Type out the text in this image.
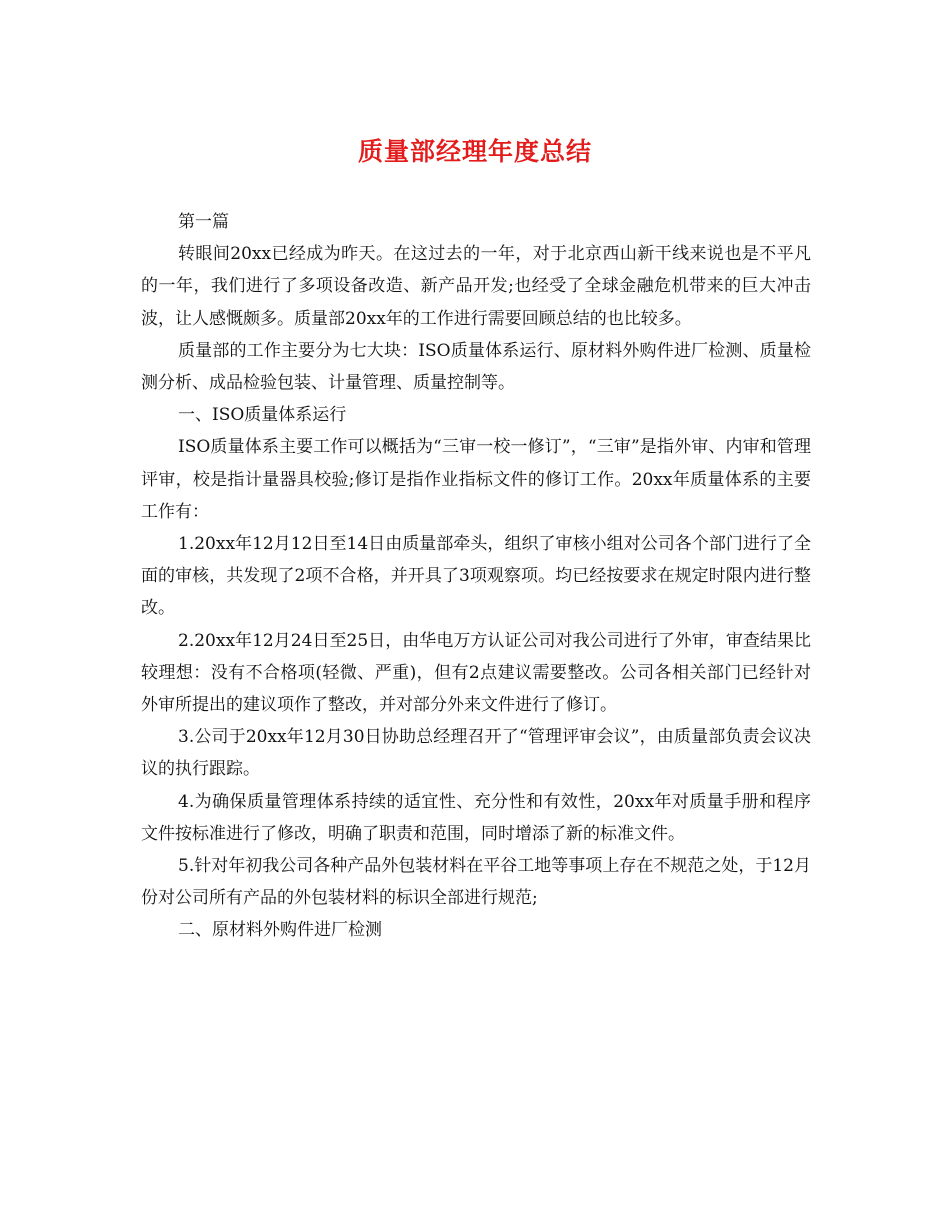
质量部经理年度总结

第一篇

转眼间20xx已经成为昨天。在这过去的一年，对于北京西山新干线来说也是不平凡的一年，我们进行了多项设备改造、新产品开发;也经受了全球金融危机带来的巨大冲击波，让人感慨颇多。质量部20xx年的工作进行需要回顾总结的也比较多。

质量部的工作主要分为七大块：ISO质量体系运行、原材料外购件进厂检测、质量检测分析、成品检验包装、计量管理、质量控制等。

一、ISO质量体系运行

ISO质量体系主要工作可以概括为“三审一校一修订”，“三审”是指外审、内审和管理评审，校是指计量器具校验;修订是指作业指标文件的修订工作。20xx年质量体系的主要工作有：

1.20xx年12月12日至14日由质量部牵头，组织了审核小组对公司各个部门进行了全面的审核，共发现了2项不合格，并开具了3项观察项。均已经按要求在规定时限内进行整改。

2.20xx年12月24日至25日，由华电万方认证公司对我公司进行了外审，审查结果比较理想：没有不合格项(轻微、严重)，但有2点建议需要整改。公司各相关部门已经针对外审所提出的建议项作了整改，并对部分外来文件进行了修订。

3.公司于20xx年12月30日协助总经理召开了“管理评审会议”，由质量部负责会议决议的执行跟踪。

4.为确保质量管理体系持续的适宜性、充分性和有效性，20xx年对质量手册和程序文件按标准进行了修改，明确了职责和范围，同时增添了新的标准文件。

5.针对年初我公司各种产品外包装材料在平谷工地等事项上存在不规范之处，于12月份对公司所有产品的外包装材料的标识全部进行规范;

二、原材料外购件进厂检测
